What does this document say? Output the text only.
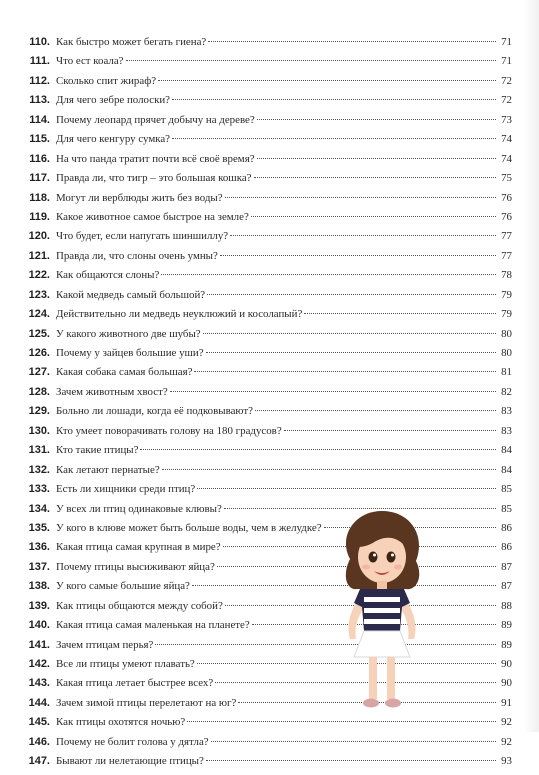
110. Как быстро может бегать гиена?	71
111. Что ест коала?	71
112. Сколько спит жираф?	72
113. Для чего зебре полоски?	72
114. Почему леопард прячет добычу на дереве?	73
115. Для чего кенгуру сумка?	74
116. На что панда тратит почти всё своё время?	74
117. Правда ли, что тигр – это большая кошка?	75
118. Могут ли верблюды жить без воды?	76
119. Какое животное самое быстрое на земле?	76
120. Что будет, если напугать шиншиллу?	77
121. Правда ли, что слоны очень умны?	77
122. Как общаются слоны?	78
123. Какой медведь самый большой?	79
124. Действительно ли медведь неуклюжий и косолапый?	79
125. У какого животного две шубы?	80
126. Почему у зайцев большие уши?	80
127. Какая собака самая большая?	81
128. Зачем животным хвост?	82
129. Больно ли лошади, когда её подковывают?	83
130. Кто умеет поворачивать голову на 180 градусов?	83
131. Кто такие птицы?	84
132. Как летают пернатые?	84
133. Есть ли хищники среди птиц?	85
134. У всех ли птиц одинаковые клювы?	85
135. У кого в клюве может быть больше воды, чем в желудке?	86
136. Какая птица самая крупная в мире?	86
137. Почему птицы высиживают яйца?	87
138. У кого самые большие яйца?	87
139. Как птицы общаются между собой?	88
140. Какая птица самая маленькая на планете?	89
141. Зачем птицам перья?	89
142. Все ли птицы умеют плавать?	90
143. Какая птица летает быстрее всех?	90
144. Зачем зимой птицы перелетают на юг?	91
145. Как птицы охотятся ночью?	92
146. Почему не болит голова у дятла?	92
147. Бывают ли нелетающие птицы?	93
